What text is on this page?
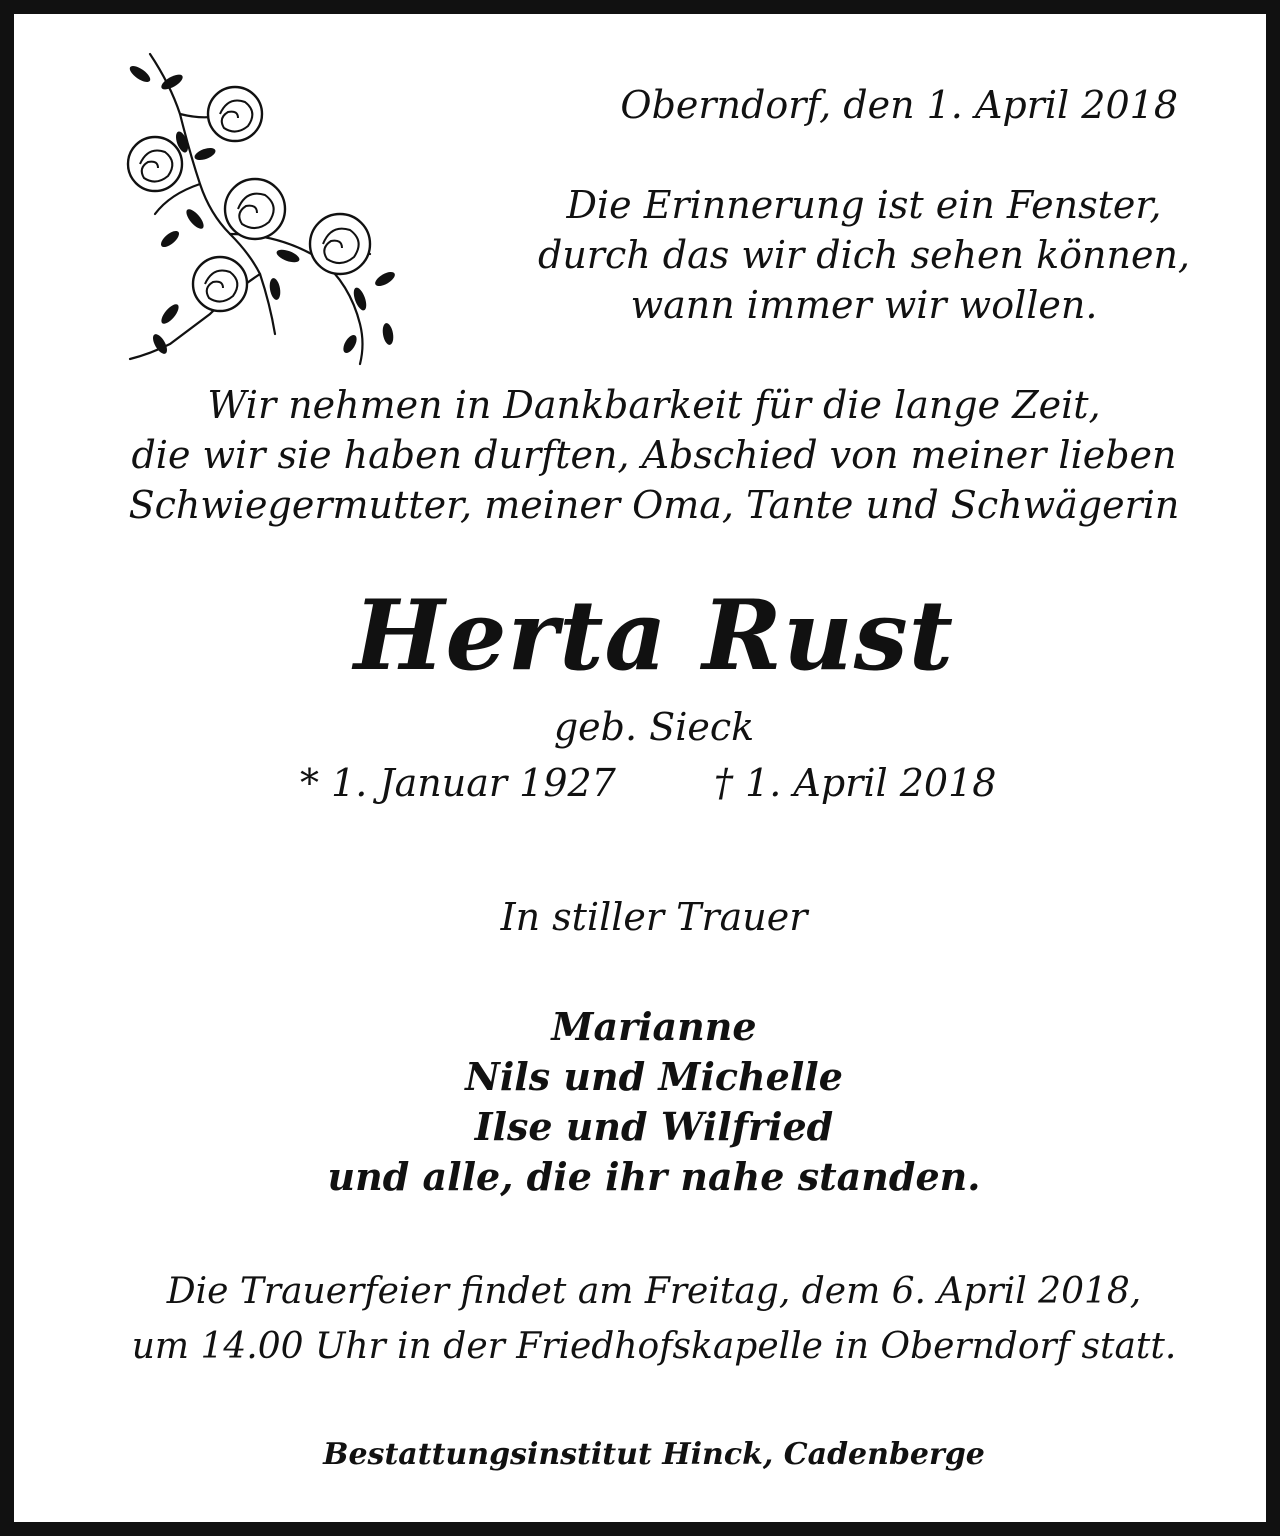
Oberndorf, den 1. April 2018
Die Erinnerung ist ein Fenster,
durch das wir dich sehen können,
wann immer wir wollen.
Wir nehmen in Dankbarkeit für die lange Zeit,
die wir sie haben durften, Abschied von meiner lieben
Schwiegermutter, meiner Oma, Tante und Schwägerin
Herta Rust
geb. Sieck
* 1. Januar 1927	† 1. April 2018
In stiller Trauer
Marianne
Nils und Michelle
Ilse und Wilfried
und alle, die ihr nahe standen.
Die Trauerfeier findet am Freitag, dem 6. April 2018,
um 14.00 Uhr in der Friedhofskapelle in Oberndorf statt.
Bestattungsinstitut Hinck, Cadenberge
